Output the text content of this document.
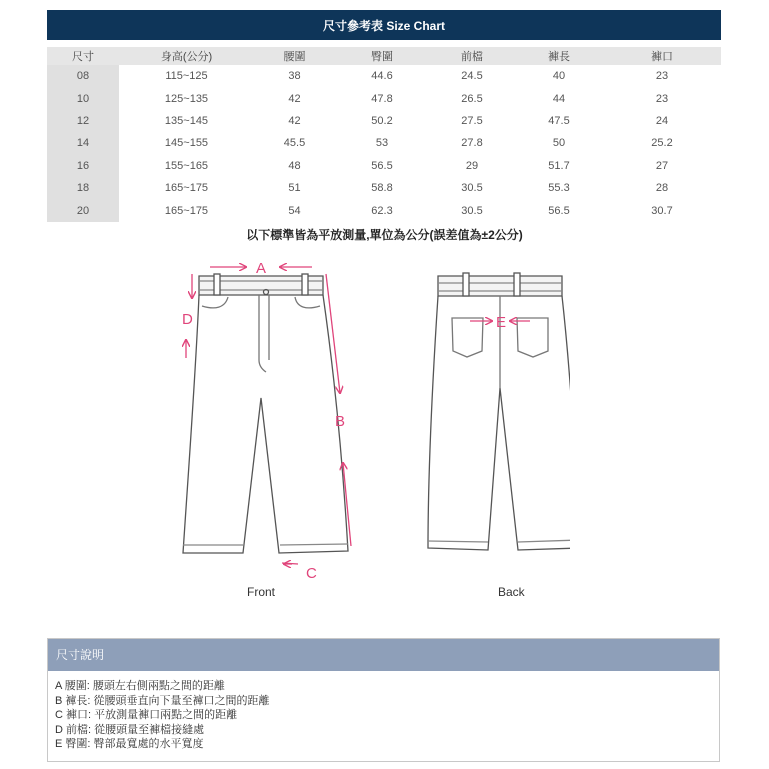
尺寸參考表 Size Chart
尺寸	身高(公分)	腰圍	臀圍	前檔	褲長	褲口
08	115~125	38	44.6	24.5	40	23
10	125~135	42	47.8	26.5	44	23
12	135~145	42	50.2	27.5	47.5	24
14	145~155	45.5	53	27.8	50	25.2
16	155~165	48	56.5	29	51.7	27
18	165~175	51	58.8	30.5	55.3	28
20	165~175	54	62.3	30.5	56.5	30.7
以下標準皆為平放測量,單位為公分(誤差值為±2公分)
A
D
B
C
Front
E
Back
尺寸說明
A 腰圍: 腰頭左右側兩點之間的距離
B 褲長: 從腰頭垂直向下量至褲口之間的距離
C 褲口: 平放測量褲口兩點之間的距離
D 前檔: 從腰頭量至褲檔接縫處
E 臀圍: 臀部最寬處的水平寬度
